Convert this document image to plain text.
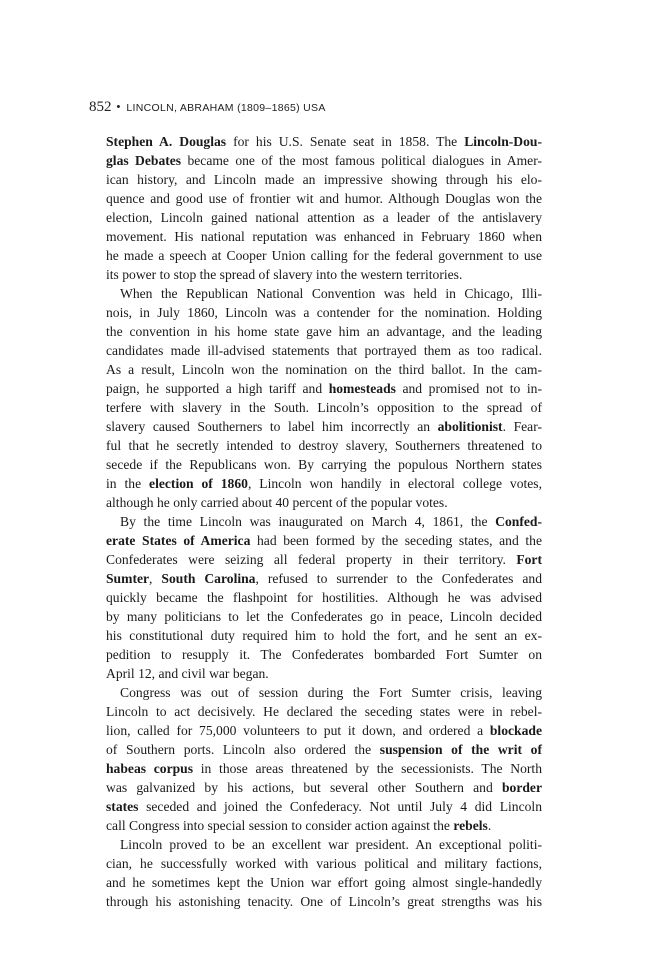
852 • LINCOLN, ABRAHAM (1809–1865) USA
Stephen A. Douglas for his U.S. Senate seat in 1858. The Lincoln-Dou-
glas Debates became one of the most famous political dialogues in Amer-
ican history, and Lincoln made an impressive showing through his elo-
quence and good use of frontier wit and humor. Although Douglas won the
election, Lincoln gained national attention as a leader of the antislavery
movement. His national reputation was enhanced in February 1860 when
he made a speech at Cooper Union calling for the federal government to use
its power to stop the spread of slavery into the western territories.
When the Republican National Convention was held in Chicago, Illi-
nois, in July 1860, Lincoln was a contender for the nomination. Holding
the convention in his home state gave him an advantage, and the leading
candidates made ill-advised statements that portrayed them as too radical.
As a result, Lincoln won the nomination on the third ballot. In the cam-
paign, he supported a high tariff and homesteads and promised not to in-
terfere with slavery in the South. Lincoln’s opposition to the spread of
slavery caused Southerners to label him incorrectly an abolitionist. Fear-
ful that he secretly intended to destroy slavery, Southerners threatened to
secede if the Republicans won. By carrying the populous Northern states
in the election of 1860, Lincoln won handily in electoral college votes,
although he only carried about 40 percent of the popular votes.
By the time Lincoln was inaugurated on March 4, 1861, the Confed-
erate States of America had been formed by the seceding states, and the
Confederates were seizing all federal property in their territory. Fort
Sumter, South Carolina, refused to surrender to the Confederates and
quickly became the flashpoint for hostilities. Although he was advised
by many politicians to let the Confederates go in peace, Lincoln decided
his constitutional duty required him to hold the fort, and he sent an ex-
pedition to resupply it. The Confederates bombarded Fort Sumter on
April 12, and civil war began.
Congress was out of session during the Fort Sumter crisis, leaving
Lincoln to act decisively. He declared the seceding states were in rebel-
lion, called for 75,000 volunteers to put it down, and ordered a blockade
of Southern ports. Lincoln also ordered the suspension of the writ of
habeas corpus in those areas threatened by the secessionists. The North
was galvanized by his actions, but several other Southern and border
states seceded and joined the Confederacy. Not until July 4 did Lincoln
call Congress into special session to consider action against the rebels.
Lincoln proved to be an excellent war president. An exceptional politi-
cian, he successfully worked with various political and military factions,
and he sometimes kept the Union war effort going almost single-handedly
through his astonishing tenacity. One of Lincoln’s great strengths was his
